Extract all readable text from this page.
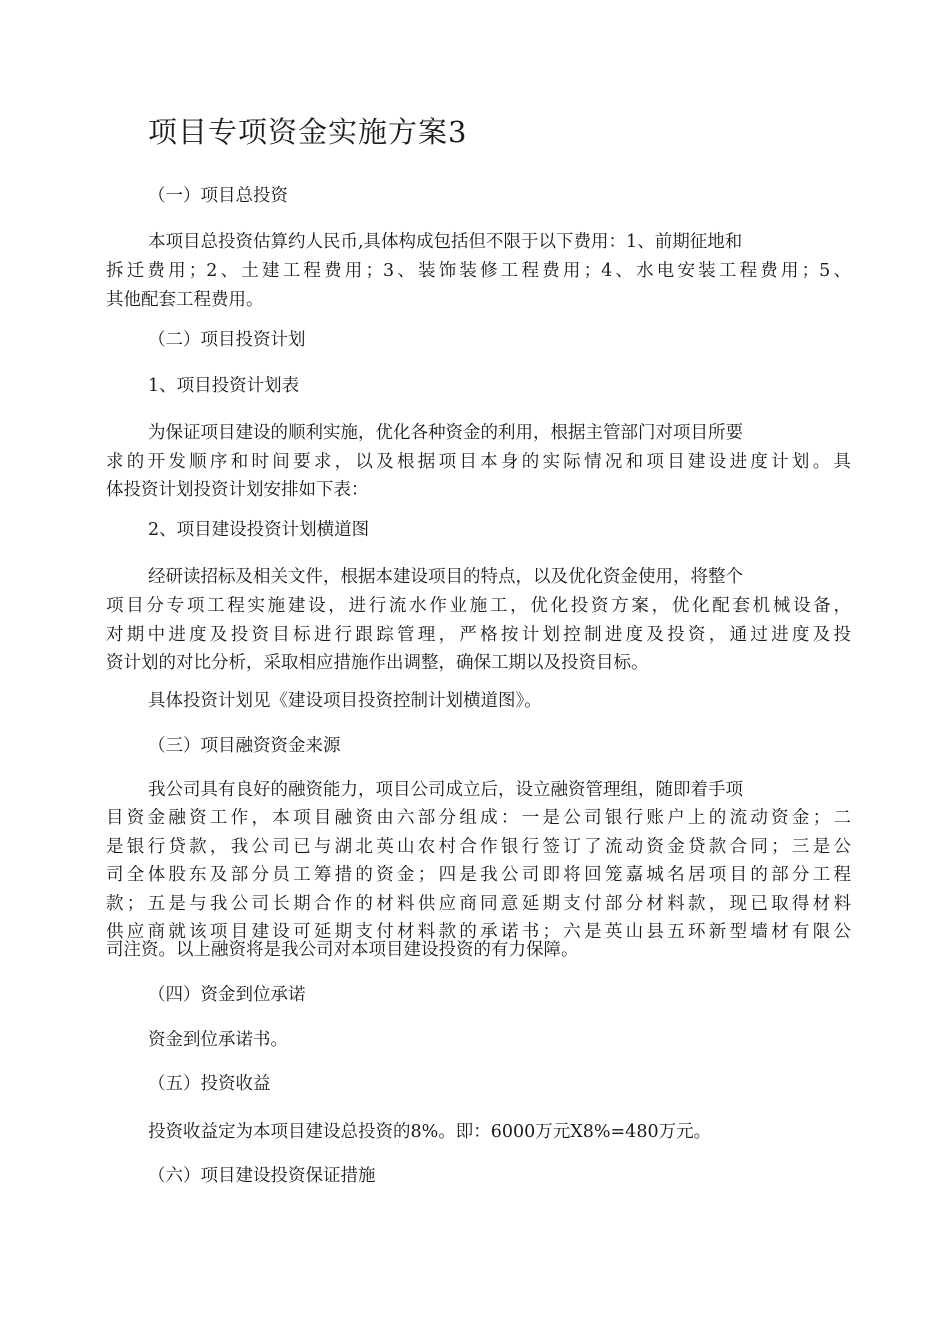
项目专项资金实施方案3
（一）项目总投资
本项目总投资估算约人民币,具体构成包括但不限于以下费用：1、前期征地和
拆迁费用；2、土建工程费用；3、装饰装修工程费用；4、水电安装工程费用；5、
其他配套工程费用。
（二）项目投资计划
1、项目投资计划表
为保证项目建设的顺利实施，优化各种资金的利用，根据主管部门对项目所要
求的开发顺序和时间要求，以及根据项目本身的实际情况和项目建设进度计划。具
体投资计划投资计划安排如下表：
2、项目建设投资计划横道图
经研读招标及相关文件，根据本建设项目的特点，以及优化资金使用，将整个
项目分专项工程实施建设，进行流水作业施工，优化投资方案，优化配套机械设备，
对期中进度及投资目标进行跟踪管理，严格按计划控制进度及投资，通过进度及投
资计划的对比分析，采取相应措施作出调整，确保工期以及投资目标。
具体投资计划见《建设项目投资控制计划横道图》。
（三）项目融资资金来源
我公司具有良好的融资能力，项目公司成立后，设立融资管理组，随即着手项
目资金融资工作，本项目融资由六部分组成：一是公司银行账户上的流动资金；二
是银行贷款，我公司已与湖北英山农村合作银行签订了流动资金贷款合同；三是公
司全体股东及部分员工筹措的资金；四是我公司即将回笼嘉城名居项目的部分工程
款；五是与我公司长期合作的材料供应商同意延期支付部分材料款，现已取得材料
供应商就该项目建设可延期支付材料款的承诺书；六是英山县五环新型墙材有限公
司注资。以上融资将是我公司对本项目建设投资的有力保障。
（四）资金到位承诺
资金到位承诺书。
（五）投资收益
投资收益定为本项目建设总投资的8%。即：6000万元X8%=480万元。
（六）项目建设投资保证措施
